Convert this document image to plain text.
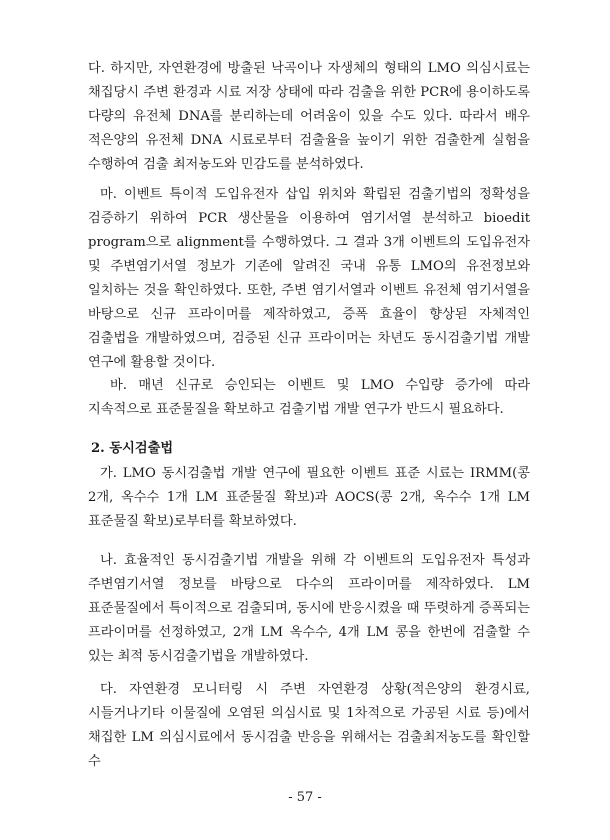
다. 하지만, 자연환경에 방출된 낙곡이나 자생체의 형태의 LMO 의심시료는 채집당시 주변 환경과 시료 저장 상태에 따라 검출을 위한 PCR에 용이하도록 다량의 유전체 DNA를 분리하는데 어려움이 있을 수도 있다. 따라서 배우 적은양의 유전체 DNA 시료로부터 검출율을 높이기 위한 검출한계 실험을 수행하여 검출 최저농도와 민감도를 분석하였다.

마. 이벤트 특이적 도입유전자 삽입 위치와 확립된 검출기법의 정확성을 검증하기 위하여 PCR 생산물을 이용하여 염기서열 분석하고 bioedit program으로 alignment를 수행하였다. 그 결과 3개 이벤트의 도입유전자 및 주변염기서열 정보가 기존에 알려진 국내 유통 LMO의 유전정보와 일치하는 것을 확인하였다. 또한, 주변 염기서열과 이벤트 유전체 염기서열을 바탕으로 신규 프라이머를 제작하였고, 증폭 효율이 향상된 자체적인 검출법을 개발하였으며, 검증된 신규 프라이머는 차년도 동시검출기법 개발 연구에 활용할 것이다.

바. 매년 신규로 승인되는 이벤트 및 LMO 수입량 증가에 따라 지속적으로 표준물질을 확보하고 검출기법 개발 연구가 반드시 필요하다.

2. 동시검출법

가. LMO 동시검출법 개발 연구에 필요한 이벤트 표준 시료는 IRMM(콩 2개, 옥수수 1개 LM 표준물질 확보)과 AOCS(콩 2개, 옥수수 1개 LM 표준물질 확보)로부터를 확보하였다.

나. 효율적인 동시검출기법 개발을 위해 각 이벤트의 도입유전자 특성과 주변염기서열 정보를 바탕으로 다수의 프라이머를 제작하였다. LM 표준물질에서 특이적으로 검출되며, 동시에 반응시켰을 때 뚜렷하게 증폭되는 프라이머를 선정하였고, 2개 LM 옥수수, 4개 LM 콩을 한번에 검출할 수 있는 최적 동시검출기법을 개발하였다.

다. 자연환경 모니터링 시 주변 자연환경 상황(적은양의 환경시료, 시들거나기타 이물질에 오염된 의심시료 및 1차적으로 가공된 시료 등)에서 채집한 LM 의심시료에서 동시검출 반응을 위해서는 검출최저농도를 확인할 수

- 57 -
